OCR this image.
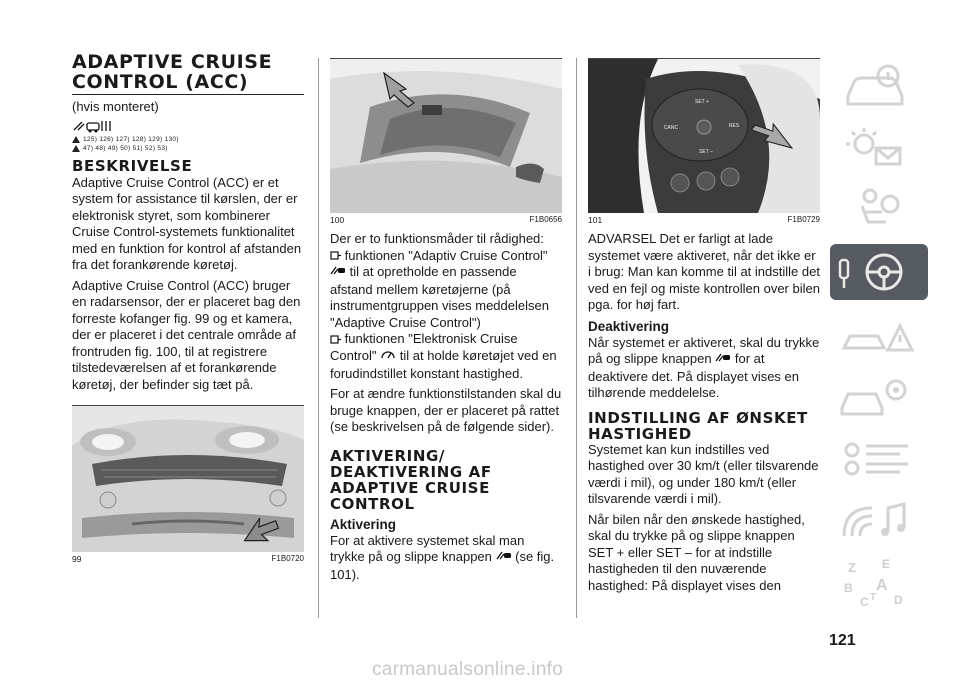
ADAPTIVE CRUISE
CONTROL (ACC)

(hvis monteret)

125) 126) 127) 128) 129) 130)
47) 48) 49) 50) 51) 52) 53)
BESKRIVELSE

Adaptive Cruise Control (ACC) er et system for assistance til kørslen, der er elektronisk styret, som kombinerer Cruise Control-systemets funktionalitet med en funktion for kontrol af afstanden fra det forankørende køretøj.

Adaptive Cruise Control (ACC) bruger en radarsensor, der er placeret bag den forreste kofanger fig. 99 og et kamera, der er placeret i det centrale område af frontruden fig. 100, til at registrere tilstedeværelsen af et forankørende køretøj, der befinder sig tæt på.

99	F1B0720
100	F1B0656

Der er to funktionsmåder til rådighed:

funktionen "Adaptiv Cruise Control"
til at opretholde en passende afstand mellem køretøjerne (på instrumentgruppen vises meddelelsen "Adaptive Cruise Control")

funktionen "Elektronisk Cruise Control" til at holde køretøjet ved en forudindstillet konstant hastighed.

For at ændre funktionstilstanden skal du bruge knappen, der er placeret på rattet (se beskrivelsen på de følgende sider).

AKTIVERING/
DEAKTIVERING AF
ADAPTIVE CRUISE
CONTROL

Aktivering

For at aktivere systemet skal man trykke på og slippe knappen (se fig. 101).

SET +
CANC	RES
SET –
101	F1B0729

ADVARSEL Det er farligt at lade systemet være aktiveret, når det ikke er i brug: Man kan komme til at indstille det ved en fejl og miste kontrollen over bilen pga. for høj fart.

Deaktivering

Når systemet er aktiveret, skal du trykke på og slippe knappen for at deaktivere det. På displayet vises en tilhørende meddelelse.

INDSTILLING AF ØNSKET
HASTIGHED

Systemet kan kun indstilles ved hastighed over 30 km/t (eller tilsvarende værdi i mil), og under 180 km/t (eller tilsvarende værdi i mil).

Når bilen når den ønskede hastighed, skal du trykke på og slippe knappen SET + eller SET – for at indstille hastigheden til den nuværende hastighed: På displayet vises den

Z E
B A
C D
T
121
carmanualsonline.info
